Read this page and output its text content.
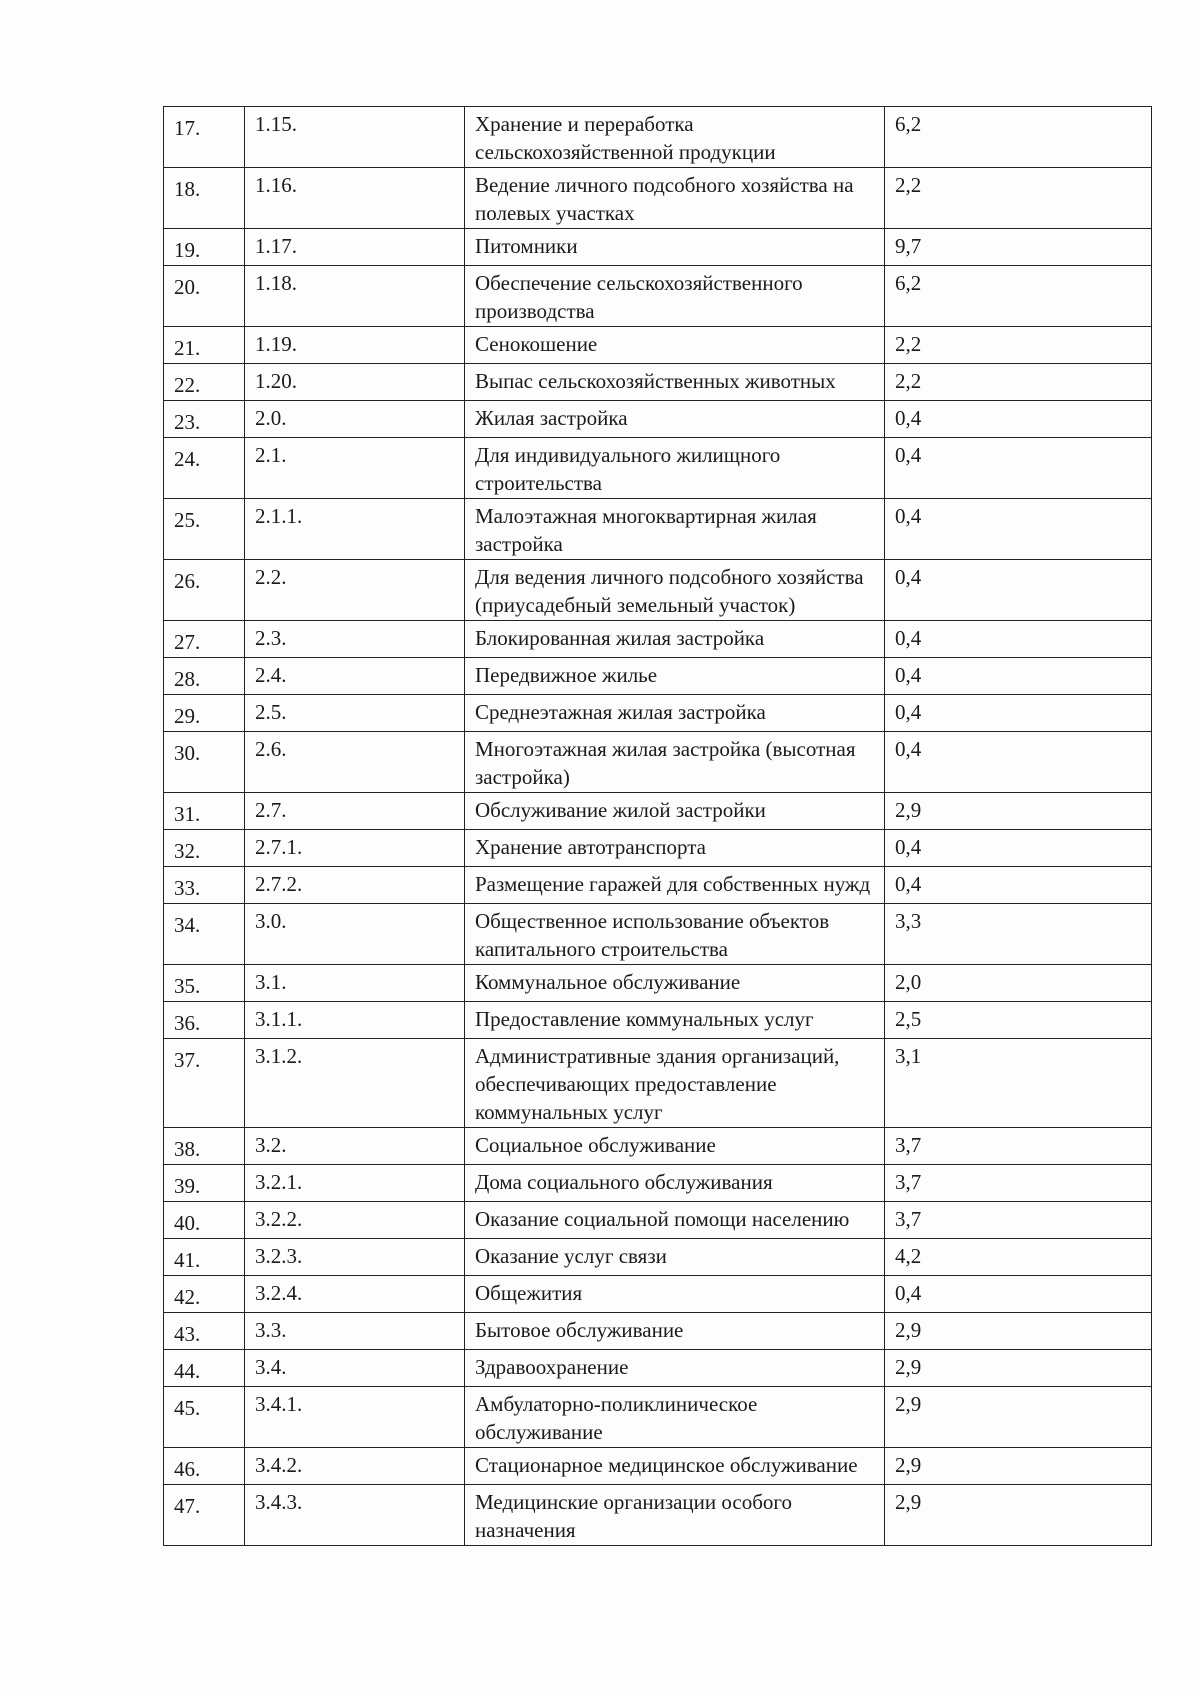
17.	1.15.	Хранение и переработка сельскохозяйственной продукции	6,2

18.	1.16.	Ведение личного подсобного хозяйства на полевых участках	2,2

19.	1.17.	Питомники	9,7

20.	1.18.	Обеспечение сельскохозяйственного производства	6,2

21.	1.19.	Сенокошение	2,2

22.	1.20.	Выпас сельскохозяйственных животных	2,2

23.	2.0.	Жилая застройка	0,4

24.	2.1.	Для индивидуального жилищного строительства	0,4

25.	2.1.1.	Малоэтажная многоквартирная жилая застройка	0,4

26.	2.2.	Для ведения личного подсобного хозяйства (приусадебный земельный участок)	0,4

27.	2.3.	Блокированная жилая застройка	0,4

28.	2.4.	Передвижное жилье	0,4

29.	2.5.	Среднеэтажная жилая застройка	0,4

30.	2.6.	Многоэтажная жилая застройка (высотная застройка)	0,4

31.	2.7.	Обслуживание жилой застройки	2,9

32.	2.7.1.	Хранение автотранспорта	0,4

33.	2.7.2.	Размещение гаражей для собственных нужд	0,4

34.	3.0.	Общественное использование объектов капитального строительства	3,3

35.	3.1.	Коммунальное обслуживание	2,0

36.	3.1.1.	Предоставление коммунальных услуг	2,5

37.	3.1.2.	Административные здания организаций, обеспечивающих предоставление коммунальных услуг	3,1

38.	3.2.	Социальное обслуживание	3,7

39.	3.2.1.	Дома социального обслуживания	3,7

40.	3.2.2.	Оказание социальной помощи населению	3,7

41.	3.2.3.	Оказание услуг связи	4,2

42.	3.2.4.	Общежития	0,4

43.	3.3.	Бытовое обслуживание	2,9

44.	3.4.	Здравоохранение	2,9

45.	3.4.1.	Амбулаторно-поликлиническое обслуживание	2,9

46.	3.4.2.	Стационарное медицинское обслуживание	2,9

47.	3.4.3.	Медицинские организации особого назначения	2,9
